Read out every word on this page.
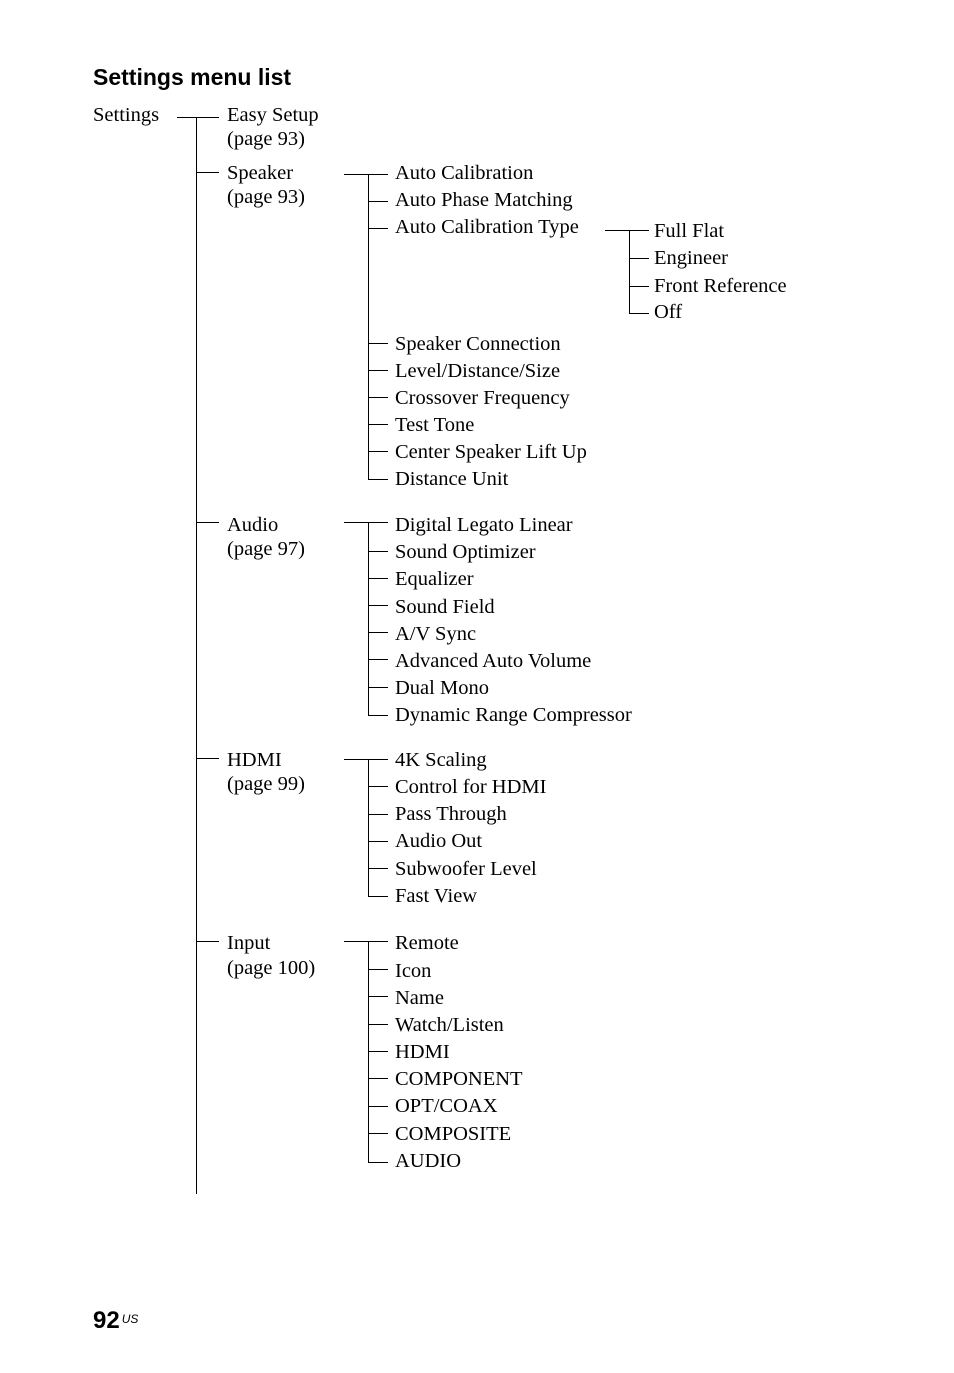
Settings menu list
Settings	Easy Setup
(page 93)
Speaker
(page 93)
Auto Calibration
Auto Phase Matching
Auto Calibration Type	Full Flat
Engineer
Front Reference
Off
Speaker Connection
Level/Distance/Size
Crossover Frequency
Test Tone
Center Speaker Lift Up
Distance Unit
Audio
(page 97)
Digital Legato Linear
Sound Optimizer
Equalizer
Sound Field
A/V Sync
Advanced Auto Volume
Dual Mono
Dynamic Range Compressor
HDMI
(page 99)
4K Scaling
Control for HDMI
Pass Through
Audio Out
Subwoofer Level
Fast View
Input
(page 100)
Remote
Icon
Name
Watch/Listen
HDMI
COMPONENT
OPT/COAX
COMPOSITE
AUDIO
92 $^{US}$
